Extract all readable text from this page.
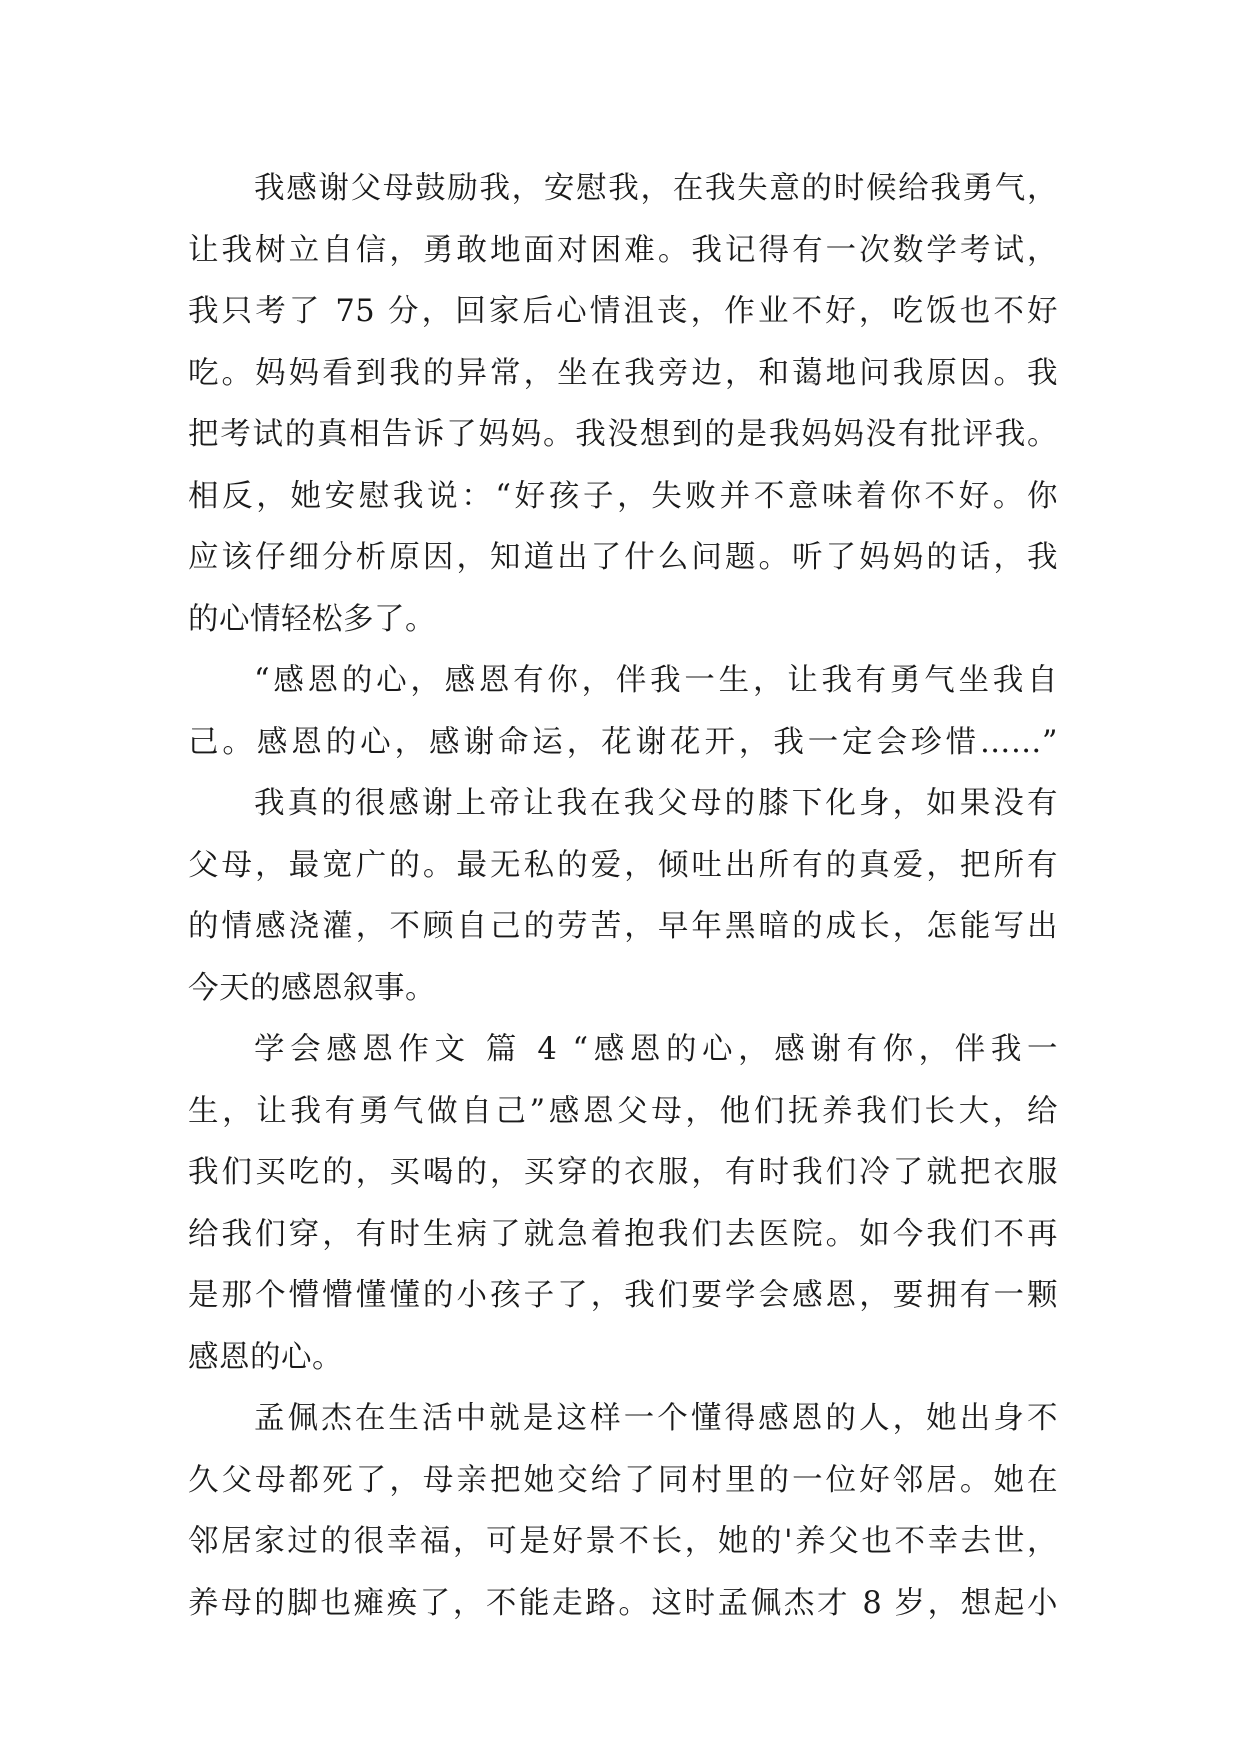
我感谢父母鼓励我，安慰我，在我失意的时候给我勇气，
让我树立自信，勇敢地面对困难。我记得有一次数学考试，
我只考了 75 分，回家后心情沮丧，作业不好，吃饭也不好
吃。妈妈看到我的异常，坐在我旁边，和蔼地问我原因。我
把考试的真相告诉了妈妈。我没想到的是我妈妈没有批评我。
相反，她安慰我说：“好孩子，失败并不意味着你不好。你
应该仔细分析原因，知道出了什么问题。听了妈妈的话，我
的心情轻松多了。
“感恩的心，感恩有你，伴我一生，让我有勇气坐我自
己。感恩的心，感谢命运，花谢花开，我一定会珍惜……”
我真的很感谢上帝让我在我父母的膝下化身，如果没有
父母，最宽广的。最无私的爱，倾吐出所有的真爱，把所有
的情感浇灌，不顾自己的劳苦，早年黑暗的成长，怎能写出
今天的感恩叙事。
学会感恩作文 篇 4 “感恩的心，感谢有你，伴我一
生，让我有勇气做自己”感恩父母，他们抚养我们长大，给
我们买吃的，买喝的，买穿的衣服，有时我们冷了就把衣服
给我们穿，有时生病了就急着抱我们去医院。如今我们不再
是那个懵懵懂懂的小孩子了，我们要学会感恩，要拥有一颗
感恩的心。
孟佩杰在生活中就是这样一个懂得感恩的人，她出身不
久父母都死了，母亲把她交给了同村里的一位好邻居。她在
邻居家过的很幸福，可是好景不长，她的'养父也不幸去世，
养母的脚也瘫痪了，不能走路。这时孟佩杰才 8 岁，想起小
